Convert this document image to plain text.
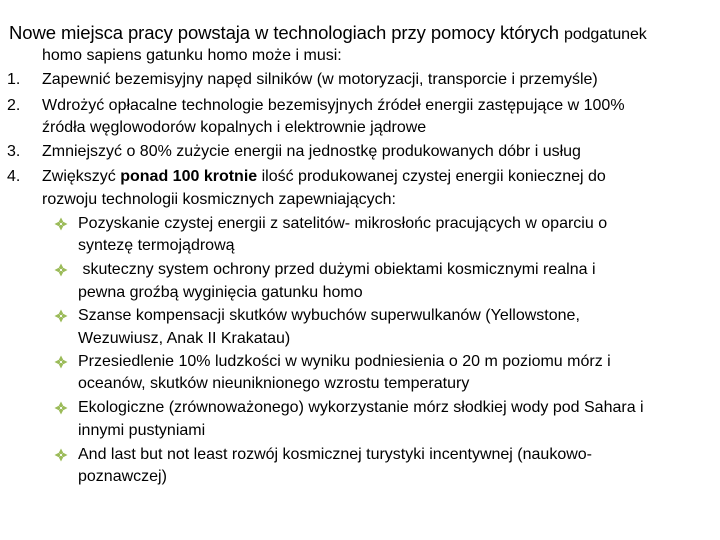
Nowe miejsca pracy powstaja w technologiach przy pomocy których podgatunek
homo sapiens gatunku homo może i musi:
1. Zapewnić bezemisyjny napęd silników (w motoryzacji, transporcie i przemyśle)
2. Wdrożyć opłacalne technologie bezemisyjnych źródeł energii zastępujące w 100%
źródła węglowodorów kopalnych i elektrownie jądrowe
3. Zmniejszyć o 80% zużycie energii na jednostkę produkowanych dóbr i usług
4. Zwiększyć ponad 100 krotnie ilość produkowanej czystej energii koniecznej do
rozwoju technologii kosmicznych zapewniających:
Pozyskanie czystej energii z satelitów- mikrosłońc pracujących w oparciu o
syntezę termojądrową
skuteczny system ochrony przed dużymi obiektami kosmicznymi realna i
pewna groźbą wyginięcia gatunku homo
Szanse kompensacji skutków wybuchów superwulkanów (Yellowstone,
Wezuwiusz, Anak II Krakatau)
Przesiedlenie 10% ludzkości w wyniku podniesienia o 20 m poziomu mórz i
oceanów, skutków nieuniknionego wzrostu temperatury
Ekologiczne (zrównoważonego) wykorzystanie mórz słodkiej wody pod Sahara i
innymi pustyniami
And last but not least rozwój kosmicznej turystyki incentywnej (naukowo-
poznawczej)
